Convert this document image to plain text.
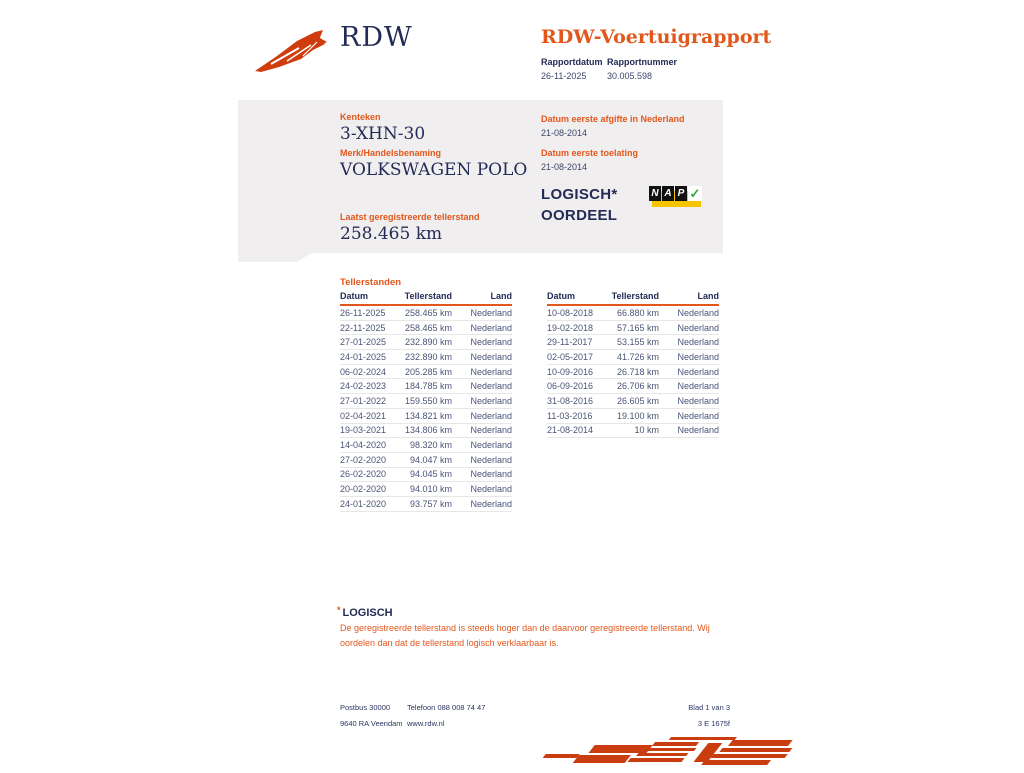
RDW	RDW-Voertuigrapport
Rapportdatum
26-11-2025
Rapportnummer
30.005.598
Kenteken
3-XHN-30
Merk/Handelsbenaming
VOLKSWAGEN POLO
Laatst geregistreerde tellerstand
258.465 km
Datum eerste afgifte in Nederland
21-08-2014
Datum eerste toelating
21-08-2014
LOGISCH*
OORDEEL
N A P ✓
Tellerstanden
Datum	Tellerstand	Land
26-11-2025	258.465 km	Nederland
22-11-2025	258.465 km	Nederland
27-01-2025	232.890 km	Nederland
24-01-2025	232.890 km	Nederland
06-02-2024	205.285 km	Nederland
24-02-2023	184.785 km	Nederland
27-01-2022	159.550 km	Nederland
02-04-2021	134.821 km	Nederland
19-03-2021	134.806 km	Nederland
14-04-2020	98.320 km	Nederland
27-02-2020	94.047 km	Nederland
26-02-2020	94.045 km	Nederland
20-02-2020	94.010 km	Nederland
24-01-2020	93.757 km	Nederland
Datum	Tellerstand	Land
10-08-2018	66.880 km	Nederland
19-02-2018	57.165 km	Nederland
29-11-2017	53.155 km	Nederland
02-05-2017	41.726 km	Nederland
10-09-2016	26.718 km	Nederland
06-09-2016	26.706 km	Nederland
31-08-2016	26.605 km	Nederland
11-03-2016	19.100 km	Nederland
21-08-2014	10 km	Nederland
* LOGISCH
De geregistreerde tellerstand is steeds hoger dan de daarvoor geregistreerde tellerstand. Wij oordelen dan dat de tellerstand logisch verklaarbaar is.
Postbus 30000
9640 RA Veendam
Telefoon 088 008 74 47
www.rdw.nl
Blad 1 van 3
3 E 1675f
